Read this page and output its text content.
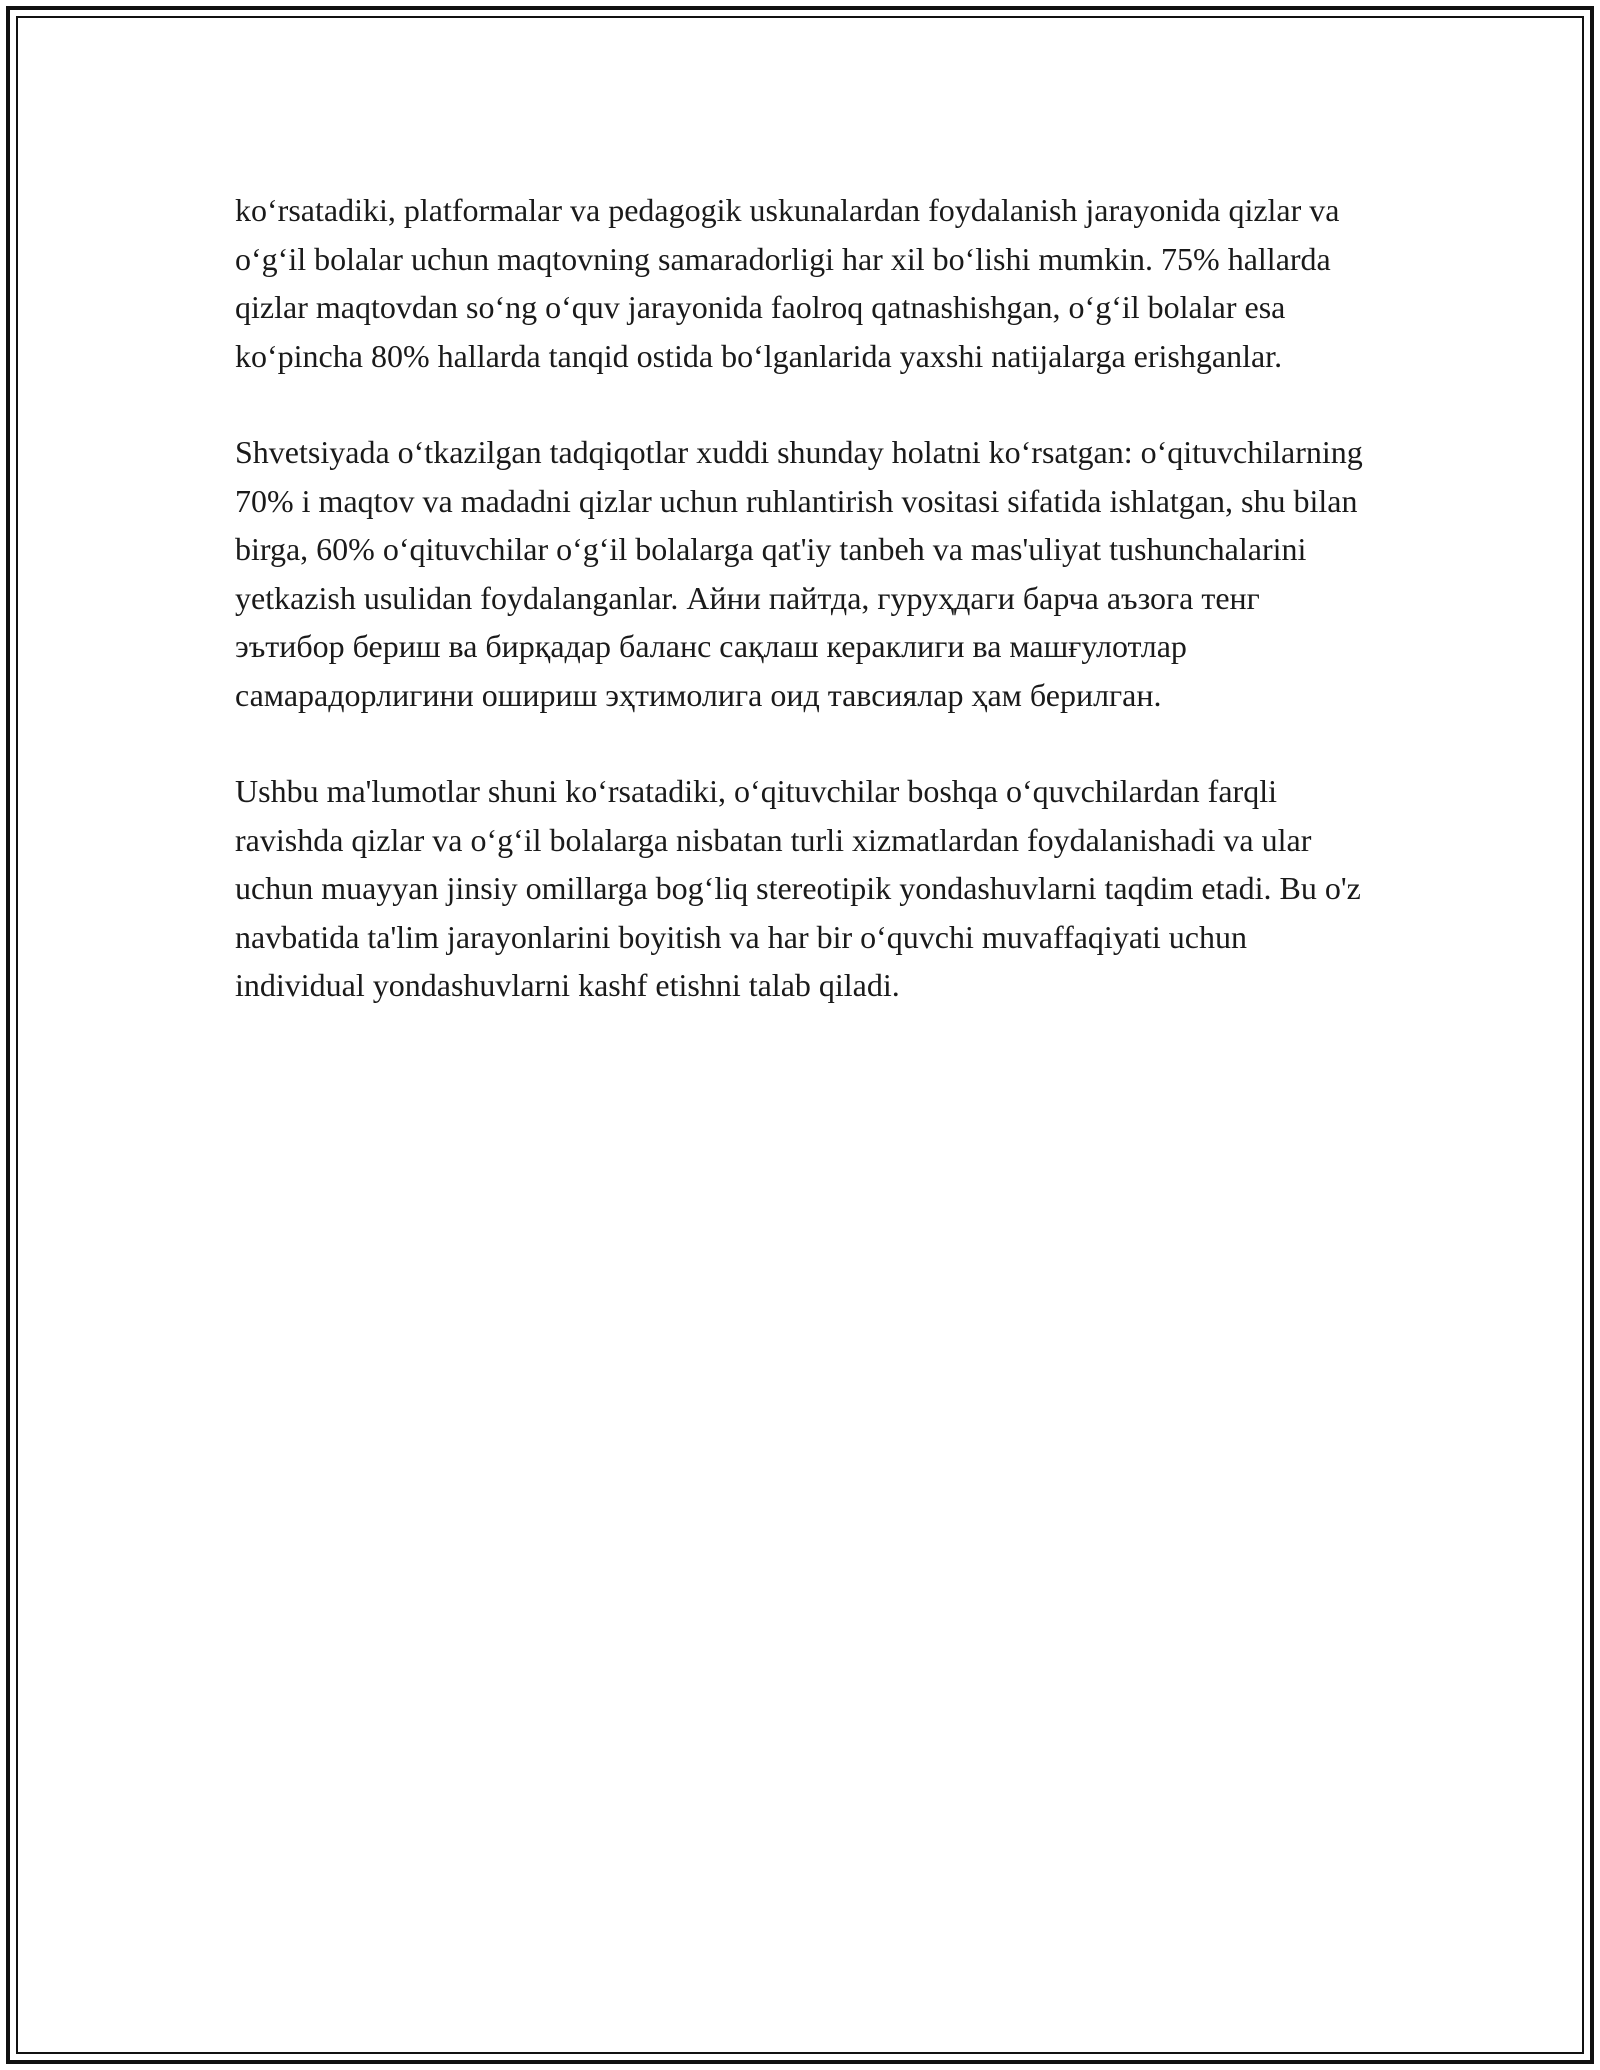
ko‘rsatadiki, platformalar va pedagogik uskunalardan foydalanish jarayonida qizlar va o‘g‘il bolalar uchun maqtovning samaradorligi har xil bo‘lishi mumkin. 75% hallarda qizlar maqtovdan so‘ng o‘quv jarayonida faolroq qatnashishgan, o‘g‘il bolalar esa ko‘pincha 80% hallarda tanqid ostida bo‘lganlarida yaxshi natijalarga erishganlar.

Shvetsiyada o‘tkazilgan tadqiqotlar xuddi shunday holatni ko‘rsatgan: o‘qituvchilarning 70% i maqtov va madadni qizlar uchun ruhlantirish vositasi sifatida ishlatgan, shu bilan birga, 60% o‘qituvchilar o‘g‘il bolalarga qat'iy tanbeh va mas'uliyat tushunchalarini yetkazish usulidan foydalanganlar. Айни пайтда, гуруҳдаги барча аъзога тенг эътибор бериш ва бирқадар баланс сақлаш кераклиги ва машғулотлар самарадорлигини ошириш эҳтимолига оид тавсиялар ҳам берилган.

Ushbu ma'lumotlar shuni ko‘rsatadiki, o‘qituvchilar boshqa o‘quvchilardan farqli ravishda qizlar va o‘g‘il bolalarga nisbatan turli xizmatlardan foydalanishadi va ular uchun muayyan jinsiy omillarga bog‘liq stereotipik yondashuvlarni taqdim etadi. Bu o'z navbatida ta'lim jarayonlarini boyitish va har bir o‘quvchi muvaffaqiyati uchun individual yondashuvlarni kashf etishni talab qiladi.
